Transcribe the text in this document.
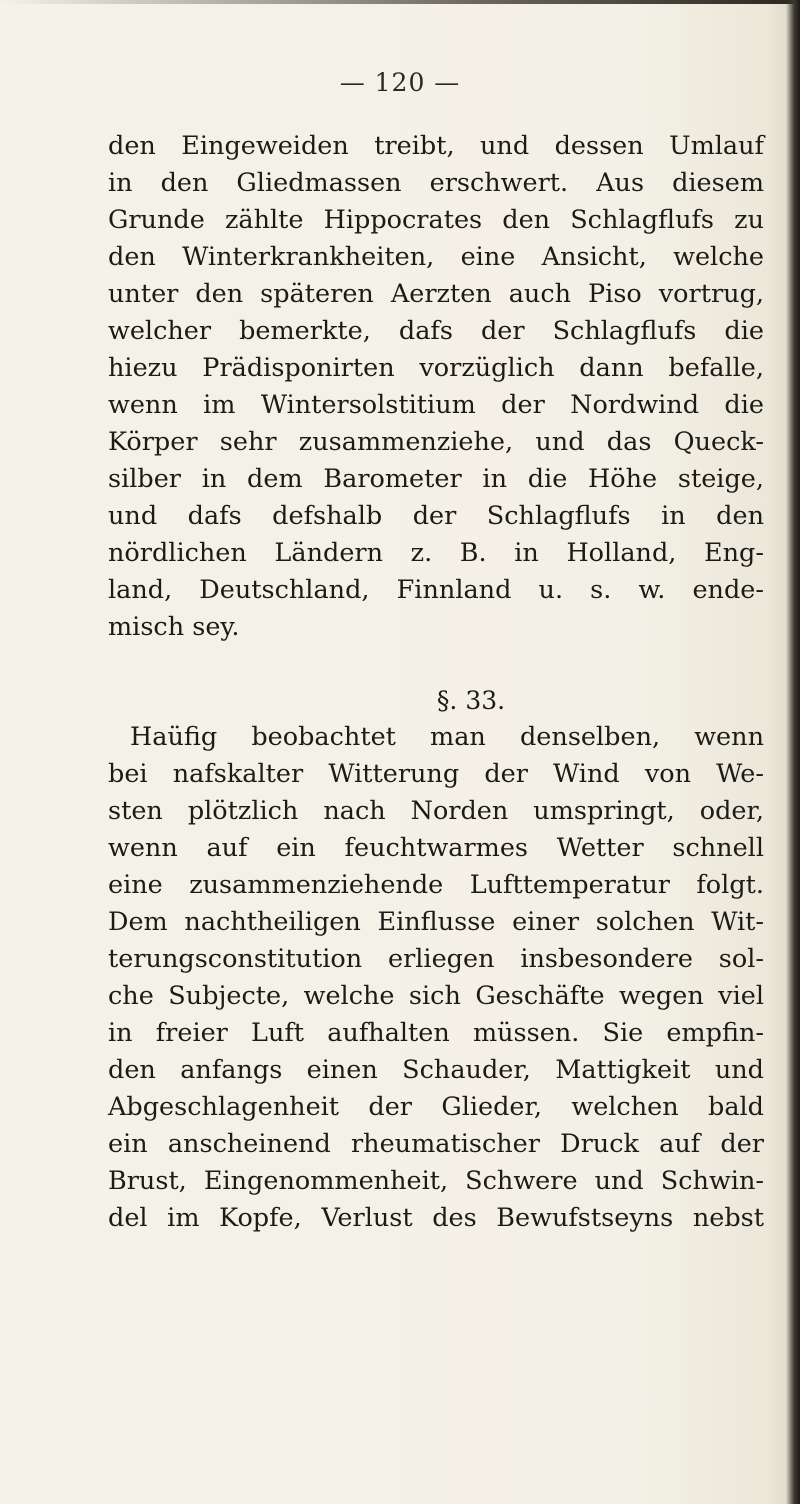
— 120 —
den Eingeweiden treibt, und dessen Umlauf
in den Gliedmassen erschwert. Aus diesem
Grunde zählte Hippocrates den Schlagflufs zu
den Winterkrankheiten, eine Ansicht, welche
unter den späteren Aerzten auch Piso vortrug,
welcher bemerkte, dafs der Schlagflufs die
hiezu Prädisponirten vorzüglich dann befalle,
wenn im Wintersolstitium der Nordwind die
Körper sehr zusammenziehe, und das Queck-
silber in dem Barometer in die Höhe steige,
und dafs defshalb der Schlagflufs in den
nördlichen Ländern z. B. in Holland, Eng-
land, Deutschland, Finnland u. s. w. ende-
misch sey.
§. 33.
Haüfig beobachtet man denselben, wenn
bei nafskalter Witterung der Wind von We-
sten plötzlich nach Norden umspringt, oder,
wenn auf ein feuchtwarmes Wetter schnell
eine zusammenziehende Lufttemperatur folgt.
Dem nachtheiligen Einflusse einer solchen Wit-
terungsconstitution erliegen insbesondere sol-
che Subjecte, welche sich Geschäfte wegen viel
in freier Luft aufhalten müssen. Sie empfin-
den anfangs einen Schauder, Mattigkeit und
Abgeschlagenheit der Glieder, welchen bald
ein anscheinend rheumatischer Druck auf der
Brust, Eingenommenheit, Schwere und Schwin-
del im Kopfe, Verlust des Bewufstseyns nebst
